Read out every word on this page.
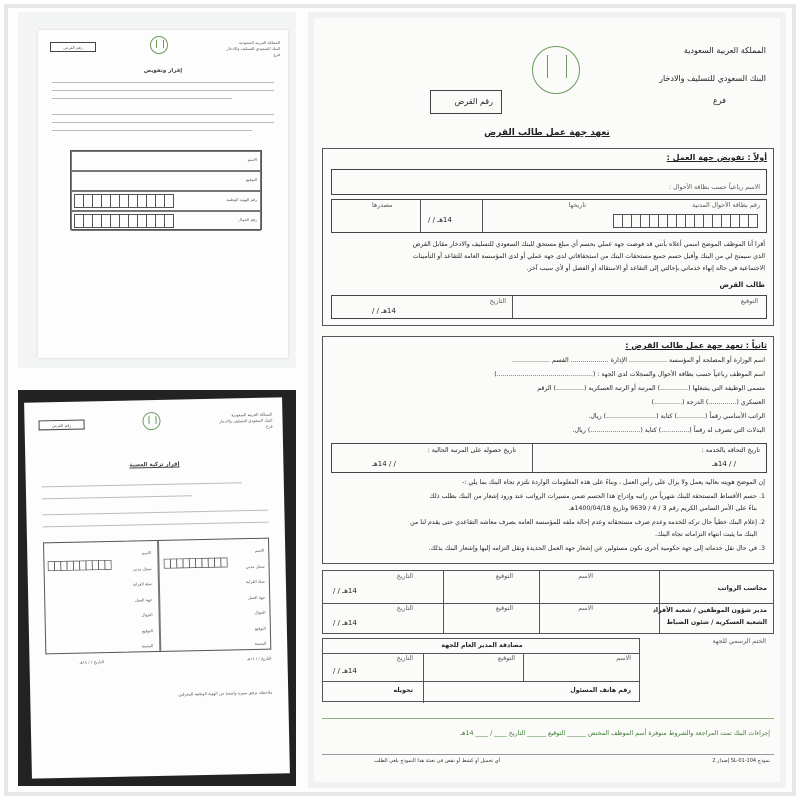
المملكة العربية السعودية
البنك السعودي للتسليف والادخار
فرع
رقم القرض
إقرار وتفويض
الاسم
التوقيع
رقم الهوية الوطنية
رقم الجوال
المملكة العربية السعودية
البنك السعودي للتسليف والادخار
فرع
رقم القرض
إقرار تزكية العصبة
الاسم
سجل مدني
صلة القرابة
جهة العمل
الجوال
التوقيع
البصمة
الاسم
سجل مدني
صلة القرابة
جهة العمل
الجوال
التوقيع
البصمة
التاريخ / / ١٤هـ
التاريخ / / ١٤هـ
ملاحظة: ترفق صورة واضحة من الهوية الوطنية للمعرفين
المملكة العربية السعودية
البنك السعودي للتسليف والادخار
فرع
رقم القرض
تعهد جهة عمل طالب القرض
أولاً : تفويض جهة العمل :
الاسم رباعياً حسب بطاقة الأحوال :
رقم بطاقة الأحوال المدنية
تاريخها
14هـ / /
مصدرها
أقرا أنا الموظف الموضح اسمي أعلاه بأنني قد فوضت جهة عملي بحسم أي مبلغ مستحق للبنك السعودي للتسليف والادخار مقابل القرض
الذي سيمنح لي من البنك وأقبل حسم جميع مستحقات البنك من استحقاقاتي لدى جهة عملي أو لدى المؤسسة العامة للتقاعد أو التأمينات
الاجتماعية في حالة إنهاء خدماتي بإحالتي إلى التقاعد أو الاستقالة أو الفصل أو لأي سبب آخر.
طالب القرض
التوقيع
التاريخ
14هـ / /
ثانياً : تعهد جهة عمل طالب القرض :
اسم الوزارة أو المصلحة أو المؤسسة ................... الإدارة ................... القسم ...................
اسم الموظف رباعياً حسب بطاقة الأحوال والسجلات لدى الجهة : (................................................)
مسمى الوظيفة التي يشغلها (..............) المرتبة أو الرتبة العسكرية (..............) الرقم
العسكري (..............) الدرجة (..............)
الراتب الأساسي رقماً (..............) كتابة (.........................) ريال.
البدلات التي تصرف له رقماً (..............) كتابة (.........................) ريال.
تاريخ التحاقه بالخدمة :
/ / 14هـ
تاريخ حصوله على المرتبة الحالية :
/ / 14هـ
إن الموضح هويته بعاليه يعمل ولا يزال على رأس العمل ، وبناءً على هذه المعلومات الواردة نلتزم تجاه البنك بما يلي :-
1. حسم الأقساط المستحقة للبنك شهرياً من راتبه وإدراج هذا الحسم ضمن مسيرات الرواتب عند ورود إشعار من البنك بطلب ذلك
بناءً على الأمر السامي الكريم رقم 3 / 4 / 9639 وتاريخ 1400/04/18هـ
2. إعلام البنك خطياً حال تركه للخدمة وعدم صرف مستحقاته وعدم إحالة ملفه للمؤسسة العامة بصرف معاشه التقاعدي حتى يقدم لنا من
البنك ما يثبت انتهاء التزاماته تجاه البنك.
3. في حال نقل خدماته إلى جهة حكومية أخرى نكون مسئولين عن إشعار جهة العمل الجديدة ونقل التزامه إليها وإشعار البنك بذلك.
محاسب الرواتب
مدير شؤون الموظفين / شعبة الأفراد
الشعبة العسكرية / شئون الضباط
الاسم
التوقيع
التاريخ
الاسم
التوقيع
التاريخ
14هـ / /
14هـ / /
الختم الرسمي للجهة
مصادقة المدير العام للجهة
الاسم
التوقيع
التاريخ
14هـ / /
رقم هاتف المسئول
تحويله
إجراءات البنك تمت المراجعة والشروط متوفرة أسم الموظف المختص ______ التوقيع ______ التاريخ ____ / ____ 14هـ
نموذج SL-01-104 إصدار 2
أي تحميل أو كشط أو نقص في تعبئة هذا النموذج يلغي الطلب
